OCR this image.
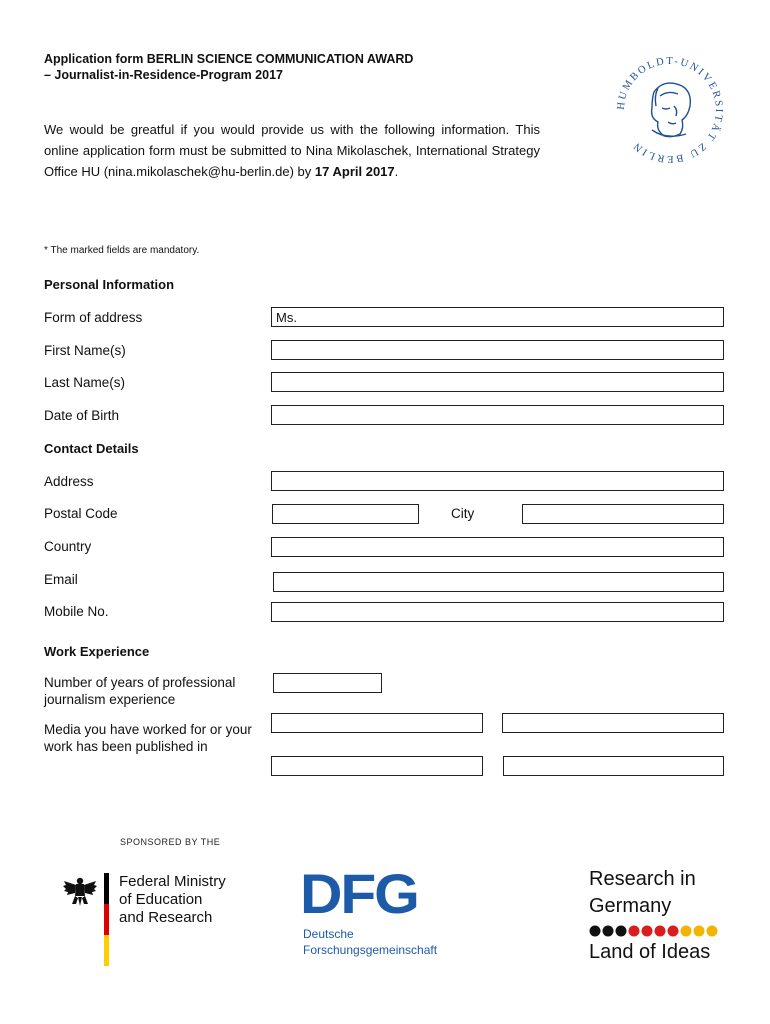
Application form BERLIN SCIENCE COMMUNICATION AWARD
– Journalist-in-Residence-Program 2017
We would be greatful if you would provide us with the following information. This online application form must be submitted to Nina Mikolaschek, International Strategy Office HU (nina.mikolaschek@hu-berlin.de) by 17 April 2017.
HUMBOLDT-UNIVERSITÄT ZU BERLIN
* The marked fields are mandatory.
Personal Information
Form of address
Ms.
First Name(s)
Last Name(s)
Date of Birth
Contact Details
Address
Postal Code	City
Country
Email
Mobile No.
Work Experience
Number of years of professional
journalism experience
Media you have worked for or your
work has been published in
SPONSORED BY THE
Federal Ministry
of Education
and Research DFG
Deutsche
Forschungsgemeinschaft
Research in
Germany
Land of Ideas
